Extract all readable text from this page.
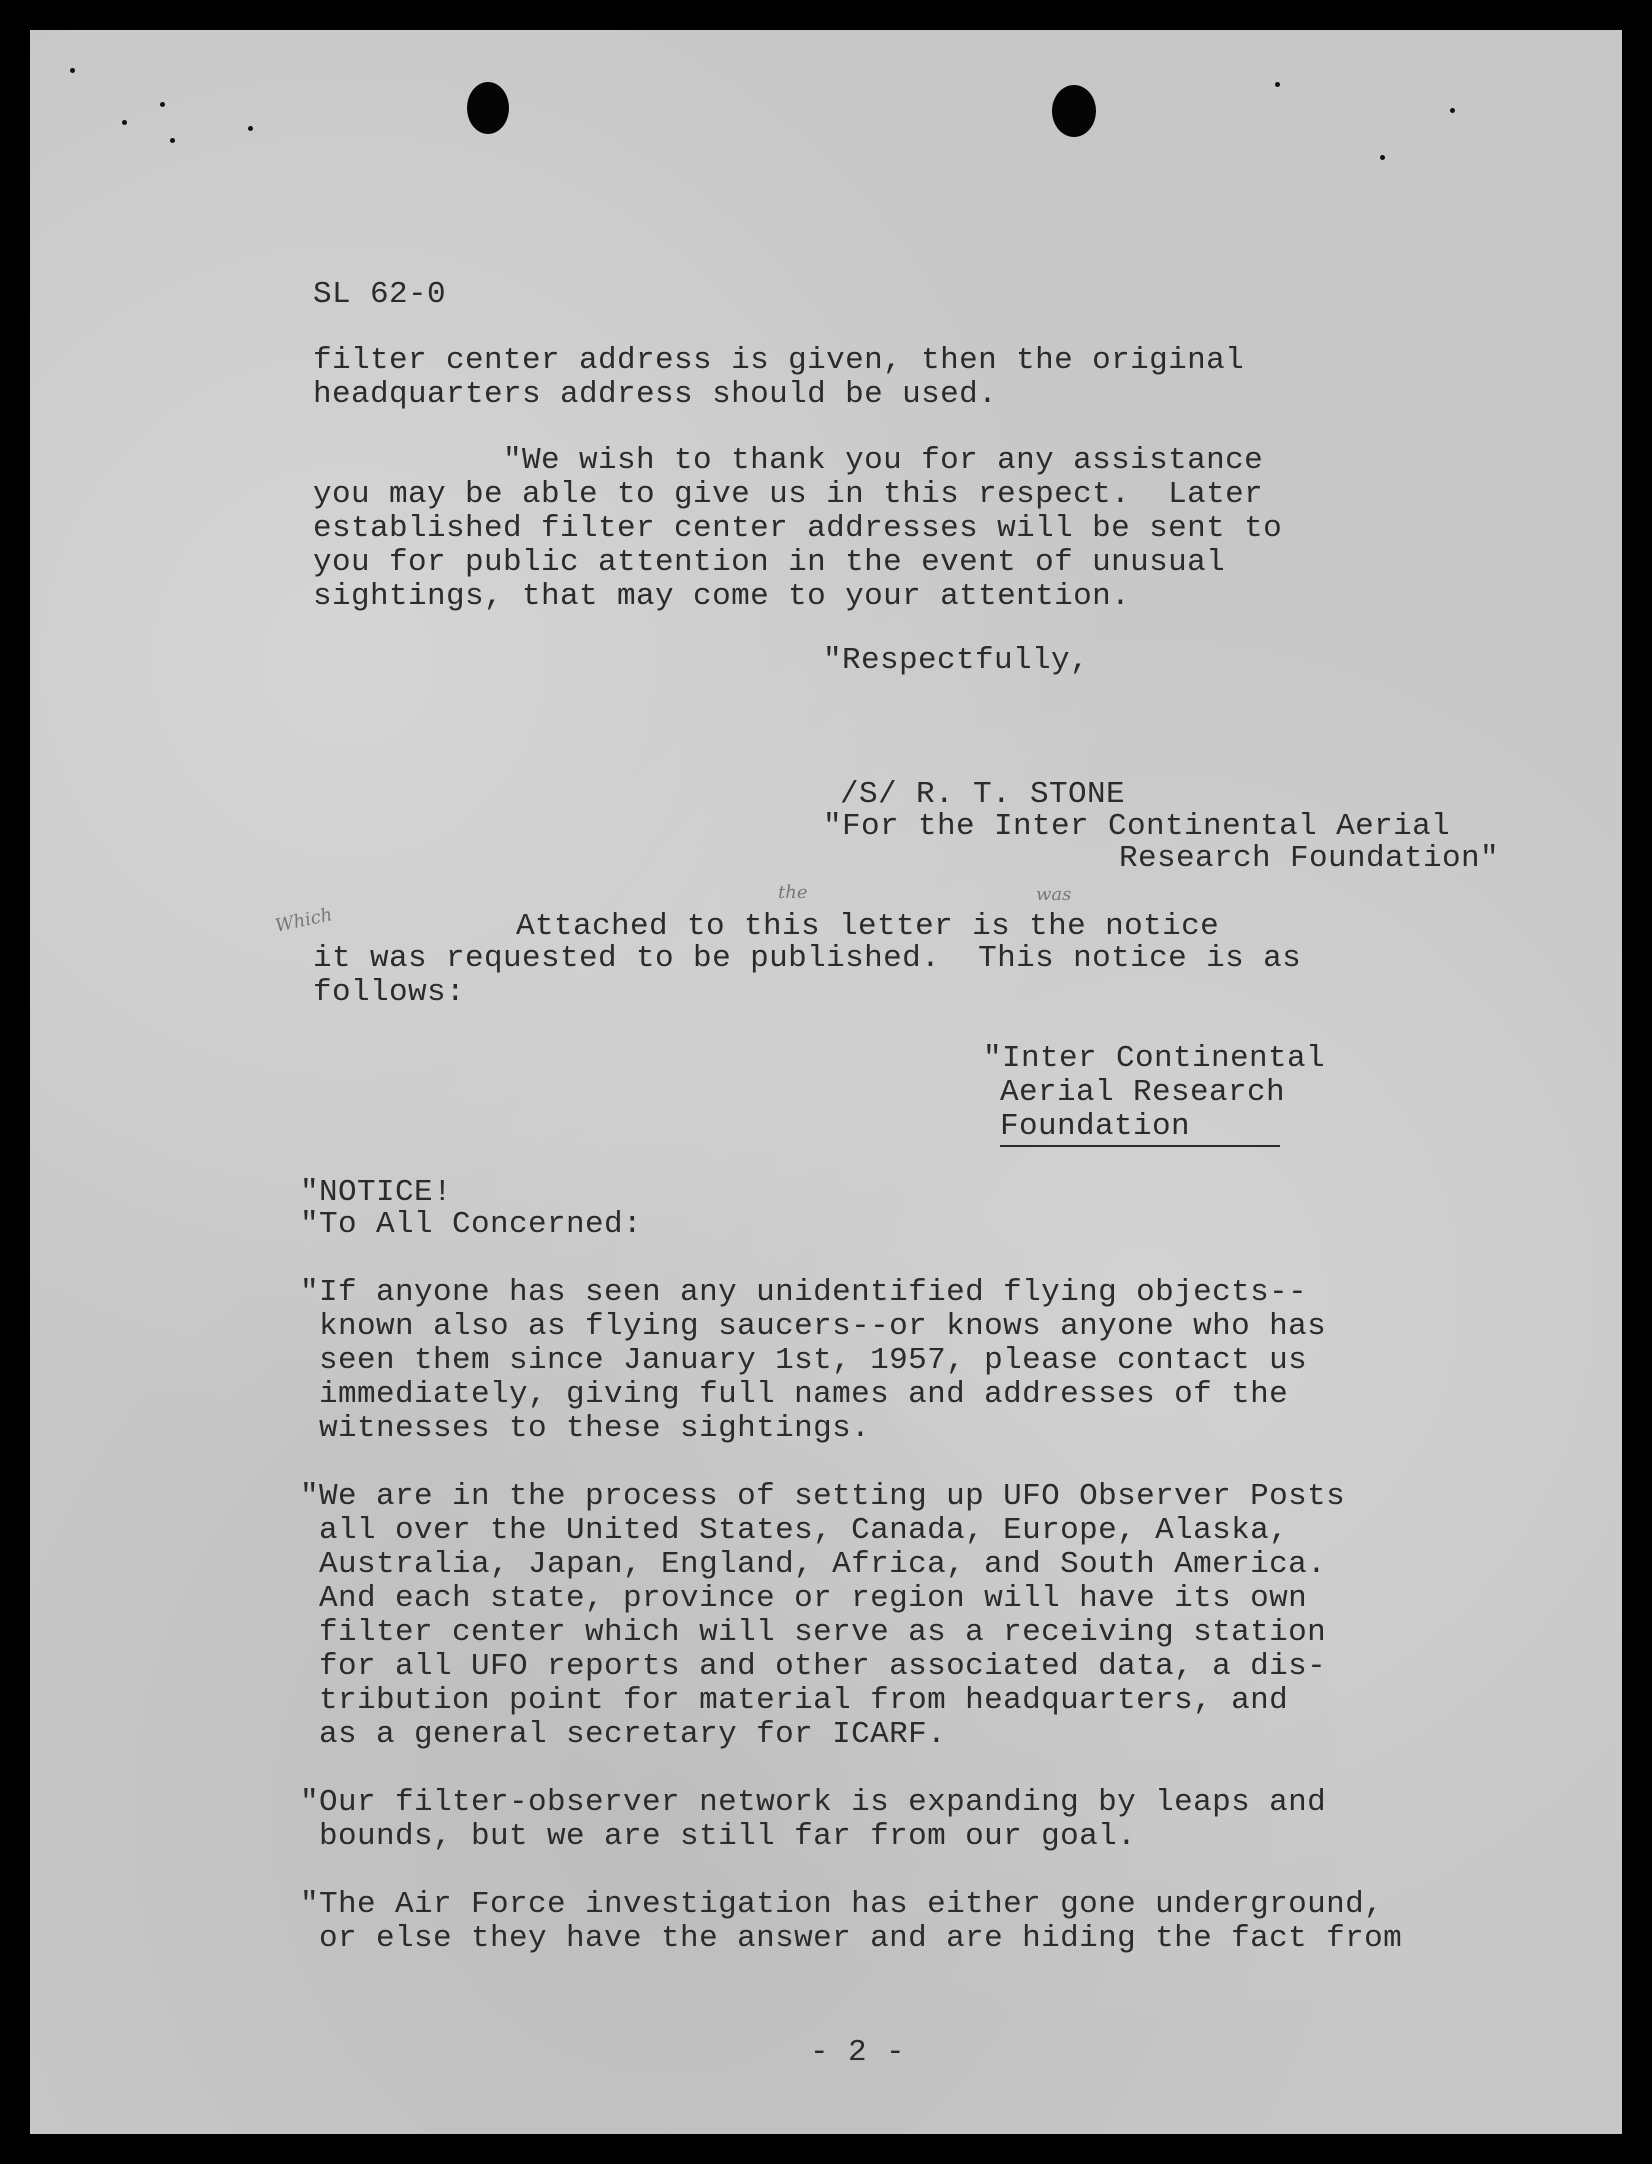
SL 62-0

filter center address is given, then the original

headquarters address should be used.

"We wish to thank you for any assistance

you may be able to give us in this respect.  Later

established filter center addresses will be sent to

you for public attention in the event of unusual

sightings, that may come to your attention.

"Respectfully,

/S/ R. T. STONE

"For the Inter Continental Aerial

Research Foundation"

Which
the	was

Attached to this letter is the notice

it was requested to be published.  This notice is as

follows:

"Inter Continental

Aerial Research

Foundation

"NOTICE!

"To All Concerned:

"If anyone has seen any unidentified flying objects--

known also as flying saucers--or knows anyone who has

seen them since January 1st, 1957, please contact us

immediately, giving full names and addresses of the

witnesses to these sightings.

"We are in the process of setting up UFO Observer Posts

all over the United States, Canada, Europe, Alaska,

Australia, Japan, England, Africa, and South America.

And each state, province or region will have its own

filter center which will serve as a receiving station

for all UFO reports and other associated data, a dis-

tribution point for material from headquarters, and

as a general secretary for ICARF.

"Our filter-observer network is expanding by leaps and

bounds, but we are still far from our goal.

"The Air Force investigation has either gone underground,

or else they have the answer and are hiding the fact from

- 2 -
